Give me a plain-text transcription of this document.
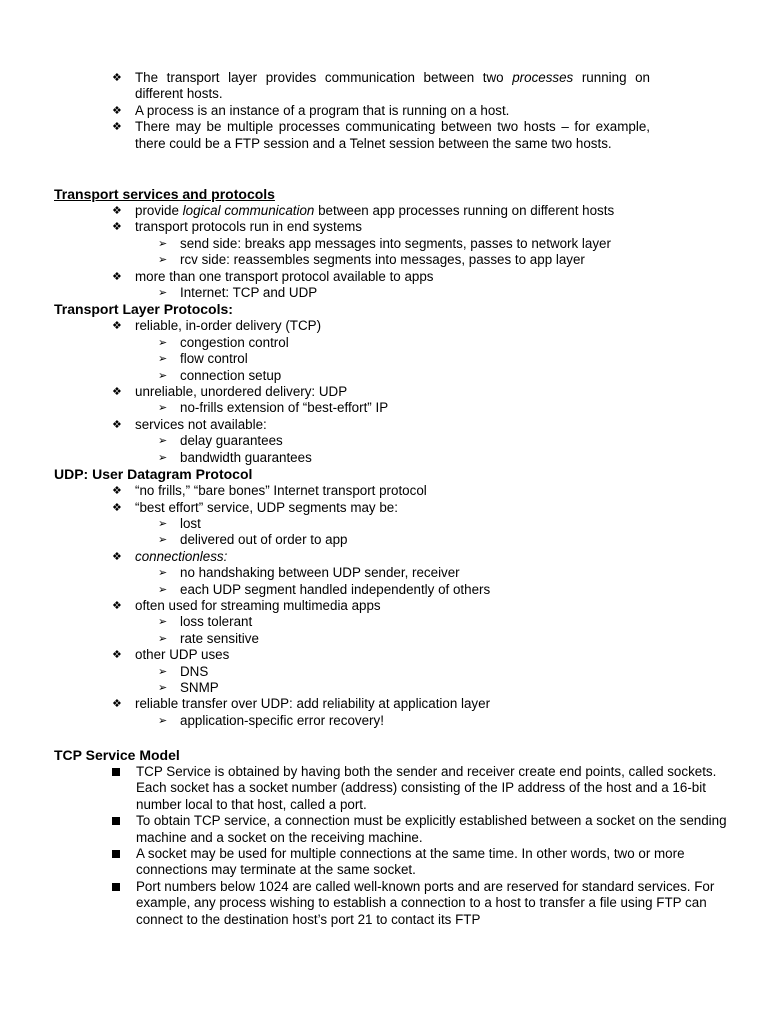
❖ The transport layer provides communication between two processes running on different hosts.
❖ A process is an instance of a program that is running on a host.
❖ There may be multiple processes communicating between two hosts – for example, there could be a FTP session and a Telnet session between the same two hosts.
Transport services and protocols
❖ provide logical communication between app processes running on different hosts
❖ transport protocols run in end systems
➢ send side: breaks app messages into segments, passes to network layer
➢ rcv side: reassembles segments into messages, passes to app layer
❖ more than one transport protocol available to apps
➢ Internet: TCP and UDP
Transport Layer Protocols:
❖ reliable, in-order delivery (TCP)
➢ congestion control
➢ flow control
➢ connection setup
❖ unreliable, unordered delivery: UDP
➢ no-frills extension of “best-effort” IP
❖ services not available:
➢ delay guarantees
➢ bandwidth guarantees
UDP: User Datagram Protocol
❖ “no frills,” “bare bones” Internet transport protocol
❖ “best effort” service, UDP segments may be:
➢ lost
➢ delivered out of order to app
❖ connectionless:
➢ no handshaking between UDP sender, receiver
➢ each UDP segment handled independently of others
❖ often used for streaming multimedia apps
➢ loss tolerant
➢ rate sensitive
❖ other UDP uses
➢ DNS
➢ SNMP
❖ reliable transfer over UDP: add reliability at application layer
➢ application-specific error recovery!
TCP Service Model
TCP Service is obtained by having both the sender and receiver create end points, called sockets. Each socket has a socket number (address) consisting of the IP address of the host and a 16-bit number local to that host, called a port.
To obtain TCP service, a connection must be explicitly established between a socket on the sending machine and a socket on the receiving machine.
A socket may be used for multiple connections at the same time. In other words, two or more connections may terminate at the same socket.
Port numbers below 1024 are called well-known ports and are reserved for standard services. For example, any process wishing to establish a connection to a host to transfer a file using FTP can connect to the destination host’s port 21 to contact its FTP
